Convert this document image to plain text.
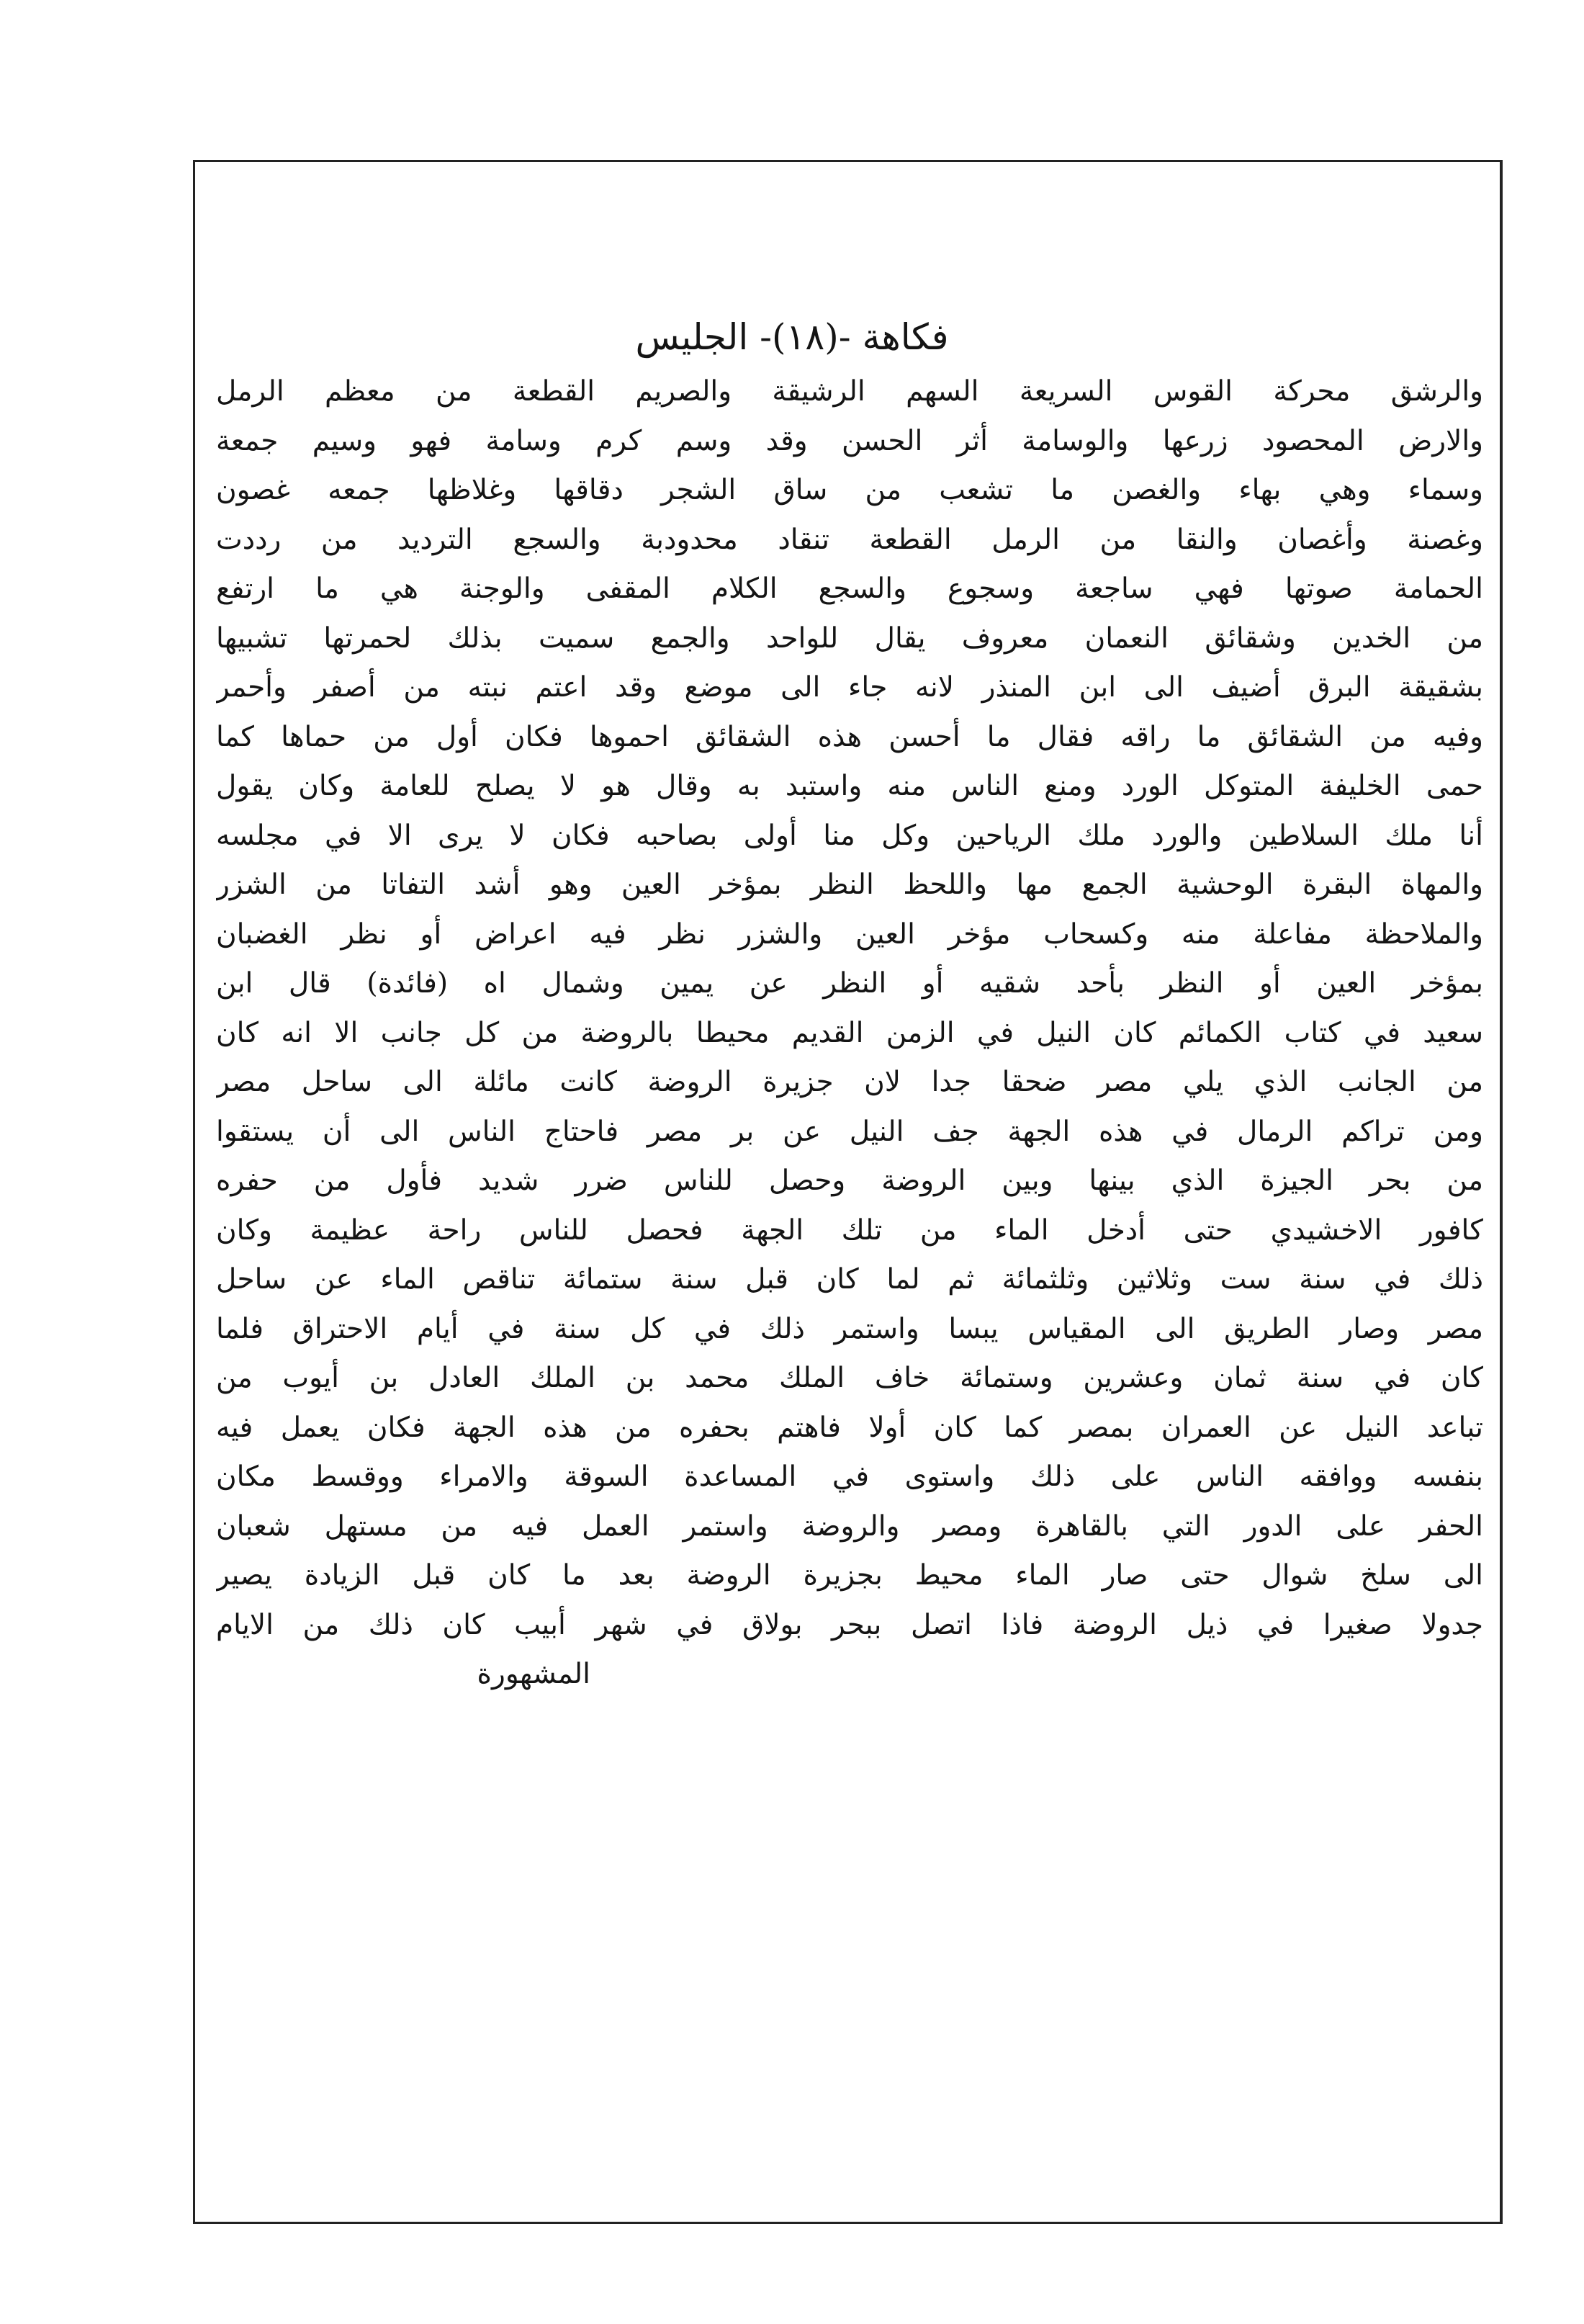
فكاهة -(١٨)- الجليس
والرشق محركة القوس السريعة السهم الرشيقة والصريم القطعة من معظم الرمل
والارض المحصود زرعها والوسامة أثر الحسن وقد وسم كرم وسامة فهو وسيم جمعة
وسماء وهي بهاء والغصن ما تشعب من ساق الشجر دقاقها وغلاظها جمعه غصون
وغصنة وأغصان والنقا من الرمل القطعة تنقاد محدودبة والسجع الترديد من رددت
الحمامة صوتها فهي ساجعة وسجوع والسجع الكلام المقفى والوجنة هي ما ارتفع
من الخدين وشقائق النعمان معروف يقال للواحد والجمع سميت بذلك لحمرتها تشبيها
بشقيقة البرق أضيف الى ابن المنذر لانه جاء الى موضع وقد اعتم نبته من أصفر وأحمر
وفيه من الشقائق ما راقه فقال ما أحسن هذه الشقائق احموها فكان أول من حماها كما
حمى الخليفة المتوكل الورد ومنع الناس منه واستبد به وقال هو لا يصلح للعامة وكان يقول
أنا ملك السلاطين والورد ملك الرياحين وكل منا أولى بصاحبه فكان لا يرى الا في مجلسه
والمهاة البقرة الوحشية الجمع مها واللحظ النظر بمؤخر العين وهو أشد التفاتا من الشزر
والملاحظة مفاعلة منه وكسحاب مؤخر العين والشزر نظر فيه اعراض أو نظر الغضبان
بمؤخر العين أو النظر بأحد شقيه أو النظر عن يمين وشمال اه (فائدة) قال ابن
سعيد في كتاب الكمائم كان النيل في الزمن القديم محيطا بالروضة من كل جانب الا انه كان
من الجانب الذي يلي مصر ضحقا جدا لان جزيرة الروضة كانت مائلة الى ساحل مصر
ومن تراكم الرمال في هذه الجهة جف النيل عن بر مصر فاحتاج الناس الى أن يستقوا
من بحر الجيزة الذي بينها وبين الروضة وحصل للناس ضرر شديد فأول من حفره
كافور الاخشيدي حتى أدخل الماء من تلك الجهة فحصل للناس راحة عظيمة وكان
ذلك في سنة ست وثلاثين وثلثمائة ثم لما كان قبل سنة ستمائة تناقص الماء عن ساحل
مصر وصار الطريق الى المقياس يبسا واستمر ذلك في كل سنة في أيام الاحتراق فلما
كان في سنة ثمان وعشرين وستمائة خاف الملك محمد بن الملك العادل بن أيوب من
تباعد النيل عن العمران بمصر كما كان أولا فاهتم بحفره من هذه الجهة فكان يعمل فيه
بنفسه ووافقه الناس على ذلك واستوى في المساعدة السوقة والامراء ووقسط مكان
الحفر على الدور التي بالقاهرة ومصر والروضة واستمر العمل فيه من مستهل شعبان
الى سلخ شوال حتى صار الماء محيط بجزيرة الروضة بعد ما كان قبل الزيادة يصير
جدولا صغيرا في ذيل الروضة فاذا اتصل ببحر بولاق في شهر أبيب كان ذلك من الايام
المشهورة
